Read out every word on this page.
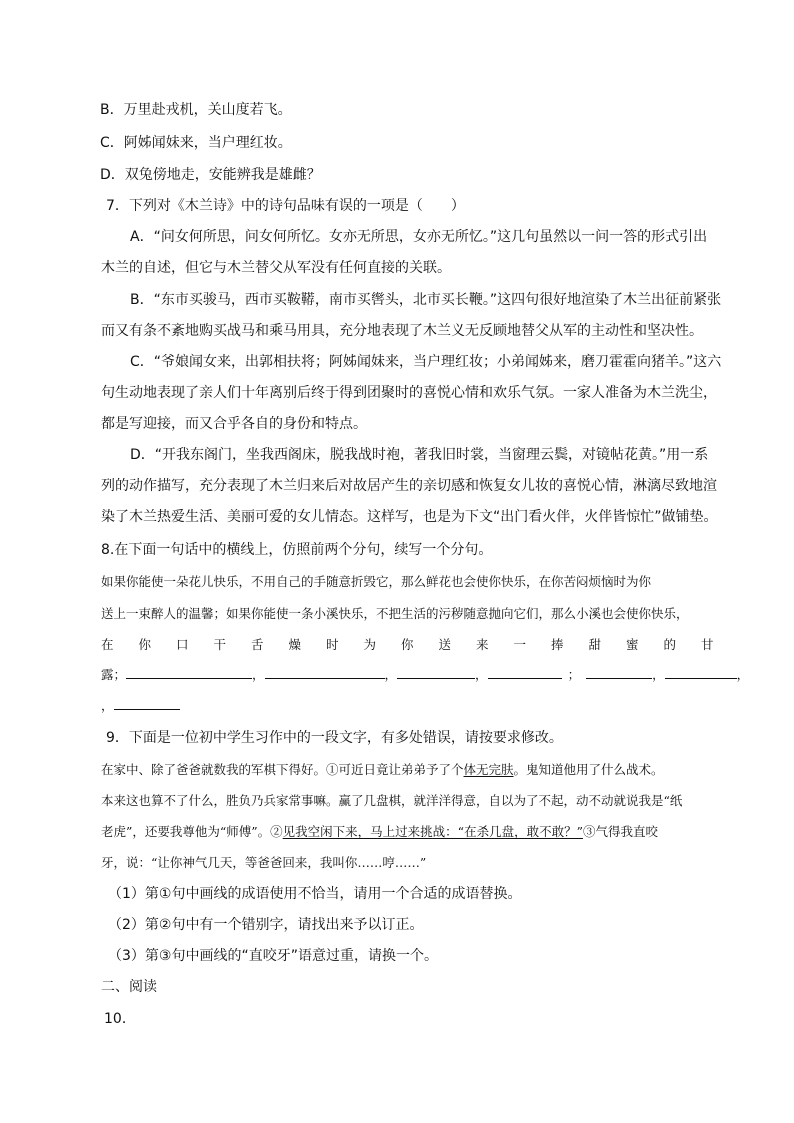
B．万里赴戎机，关山度若飞。
C．阿姊闻妹来，当户理红妆。
D．双兔傍地走，安能辨我是雄雌？
7．下列对《木兰诗》中的诗句品味有误的一项是（　　）
A．“问女何所思，问女何所忆。女亦无所思，女亦无所忆。”这几句虽然以一问一答的形式引出
木兰的自述，但它与木兰替父从军没有任何直接的关联。
B．“东市买骏马，西市买鞍鞯，南市买辔头，北市买长鞭。”这四句很好地渲染了木兰出征前紧张
而又有条不紊地购买战马和乘马用具，充分地表现了木兰义无反顾地替父从军的主动性和坚决性。
C．“爷娘闻女来，出郭相扶将；阿姊闻妹来，当户理红妆；小弟闻姊来，磨刀霍霍向猪羊。”这六
句生动地表现了亲人们十年离别后终于得到团聚时的喜悦心情和欢乐气氛。一家人准备为木兰洗尘，
都是写迎接，而又合乎各自的身份和特点。
D．“开我东阁门，坐我西阁床，脱我战时袍，著我旧时裳，当窗理云鬓，对镜帖花黄。”用一系
列的动作描写，充分表现了木兰归来后对故居产生的亲切感和恢复女儿妆的喜悦心情，淋漓尽致地渲
染了木兰热爱生活、美丽可爱的女儿情态。这样写，也是为下文“出门看火伴，火伴皆惊忙”做铺垫。
8.在下面一句话中的横线上，仿照前两个分句，续写一个分句。
如果你能使一朵花儿快乐，不用自己的手随意折毁它，那么鲜花也会使你快乐，在你苦闷烦恼时为你
送上一束醉人的温馨；如果你能使一条小溪快乐，不把生活的污秽随意抛向它们，那么小溪也会使你快乐，
在你口干舌燥时为你送来一捧甜蜜的甘
露；	，	，	，	；	，	，
，
9．下面是一位初中学生习作中的一段文字，有多处错误，请按要求修改。
在家中、除了爸爸就数我的军棋下得好。①可近日竟让弟弟予了个体无完肤。鬼知道他用了什么战术。
本来这也算不了什么，胜负乃兵家常事嘛。赢了几盘棋，就洋洋得意，自以为了不起，动不动就说我是“纸
老虎”，还要我尊他为“师傅”。②见我空闲下来，马上过来挑战：“在杀几盘，敢不敢？”③气得我直咬
牙，说：“让你神气几天，等爸爸回来，我叫你……哼……”
（1）第①句中画线的成语使用不恰当，请用一个合适的成语替换。
（2）第②句中有一个错别字，请找出来予以订正。
（3）第③句中画线的“直咬牙”语意过重，请换一个。
二、阅读
10．
